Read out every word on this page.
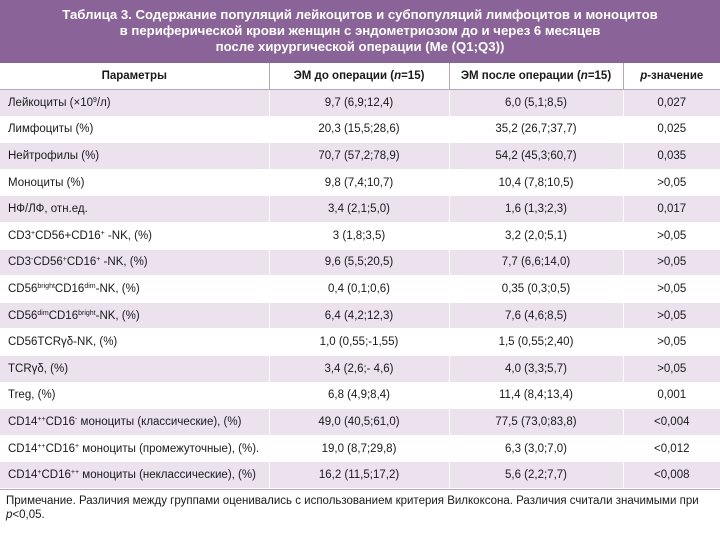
Таблица 3. Содержание популяций лейкоцитов и субпопуляций лимфоцитов и моноцитов
в периферической крови женщин с эндометриозом до и через 6 месяцев
после хирургической операции (Me (Q1;Q3))
Параметры	ЭМ до операции (n=15)	ЭМ после операции (n=15)	p-значение
Лейкоциты $(\times 10^9/л)$	9,7 (6,9;12,4)	6,0 (5,1;8,5)	0,027
Лимфоциты (%)	20,3 (15,5;28,6)	35,2 (26,7;37,7)	0,025
Нейтрофилы (%)	70,7 (57,2;78,9)	54,2 (45,3;60,7)	0,035
Моноциты (%)	9,8 (7,4;10,7)	10,4 (7,8;10,5)	>0,05
НФ/ЛФ, отн.ед.	3,4 (2,1;5,0)	1,6 (1,3;2,3)	0,017
CD3+CD56+CD16+ -NK, (%)	3 (1,8;3,5)	3,2 (2,0;5,1)	>0,05
CD3-CD56+CD16+ -NK, (%)	9,6 (5,5;20,5)	7,7 (6,6;14,0)	>0,05
$CD56^{bright}CD16^{dim}-NK$, (%)	0,4 (0,1;0,6)	0,35 (0,3;0,5)	>0,05
$CD56^{dim}CD16^{bright}-NK$, (%)	6,4 (4,2;12,3)	7,6 (4,6;8,5)	>0,05
CD56TCRγδ-NK, (%)	1,0 (0,55;-1,55)	1,5 (0,55;2,40)	>0,05
TCRγδ, (%)	3,4 (2,6;- 4,6)	4,0 (3,3;5,7)	>0,05
Treg, (%)	6,8 (4,9;8,4)	11,4 (8,4;13,4)	0,001
CD14++CD16- моноциты (классические), (%)	49,0 (40,5;61,0)	77,5 (73,0;83,8)	<0,004
CD14++CD16+ моноциты (промежуточные), (%).	19,0 (8,7;29,8)	6,3 (3,0;7,0)	<0,012
CD14+CD16++ моноциты (неклассические), (%)	16,2 (11,5;17,2)	5,6 (2,2;7,7)	<0,008
Примечание. Различия между группами оценивались с использованием критерия Вилкоксона. Различия считали значимыми при p<0,05.
